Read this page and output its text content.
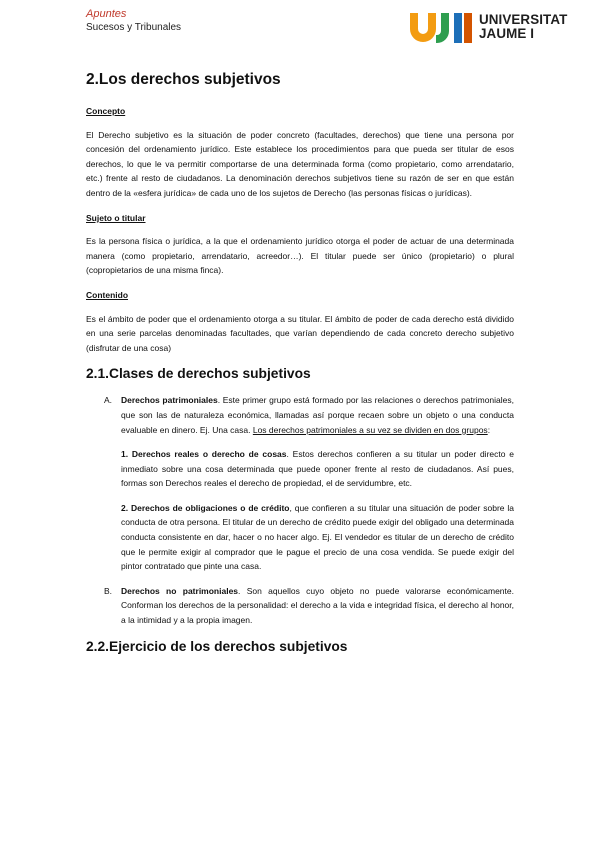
Apuntes
Sucesos y Tribunales
UNIVERSITAT
JAUME I
2.Los derechos subjetivos
Concepto

El Derecho subjetivo es la situación de poder concreto (facultades, derechos) que tiene una persona por concesión del ordenamiento jurídico. Este establece los procedimientos para que pueda ser titular de esos derechos, lo que le va permitir comportarse de una determinada forma (como propietario, como arrendatario, etc.) frente al resto de ciudadanos. La denominación derechos subjetivos tiene su razón de ser en que están dentro de la «esfera jurídica» de cada uno de los sujetos de Derecho (las personas físicas o jurídicas).

Sujeto o titular

Es la persona física o jurídica, a la que el ordenamiento jurídico otorga el poder de actuar de una determinada manera (como propietario, arrendatario, acreedor…). El titular puede ser único (propietario) o plural (copropietarios de una misma finca).

Contenido

Es el ámbito de poder que el ordenamiento otorga a su titular. El ámbito de poder de cada derecho está dividido en una serie parcelas denominadas facultades, que varían dependiendo de cada concreto derecho subjetivo (disfrutar de una cosa)

2.1.Clases de derechos subjetivos
A. Derechos patrimoniales. Este primer grupo está formado por las relaciones o derechos patrimoniales, que son las de naturaleza económica, llamadas así porque recaen sobre un objeto o una conducta evaluable en dinero. Ej. Una casa. Los derechos patrimoniales a su vez se dividen en dos grupos:

1. Derechos reales o derecho de cosas. Estos derechos confieren a su titular un poder directo e inmediato sobre una cosa determinada que puede oponer frente al resto de ciudadanos. Así pues, formas son Derechos reales el derecho de propiedad, el de servidumbre, etc.

2. Derechos de obligaciones o de crédito, que confieren a su titular una situación de poder sobre la conducta de otra persona. El titular de un derecho de crédito puede exigir del obligado una determinada conducta consistente en dar, hacer o no hacer algo. Ej. El vendedor es titular de un derecho de crédito que le permite exigir al comprador que le pague el precio de una cosa vendida. Se puede exigir del pintor contratado que pinte una casa.

B. Derechos no patrimoniales. Son aquellos cuyo objeto no puede valorarse económicamente. Conforman los derechos de la personalidad: el derecho a la vida e integridad física, el derecho al honor, a la intimidad y a la propia imagen.

2.2.Ejercicio de los derechos subjetivos
